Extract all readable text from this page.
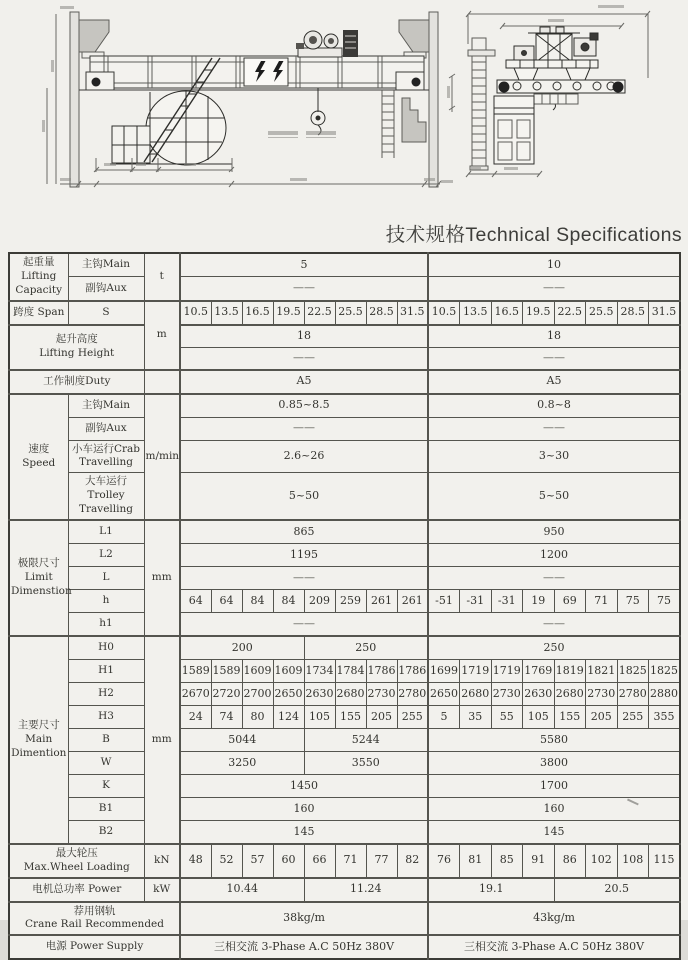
技术规格Technical Specifications
起重量
Lifting
Capacity	主钩Main	t	5								10							
	副钩Aux		——								——							
跨度 Span	S	m	10.5	13.5	16.5	19.5	22.5	25.5	28.5	31.5	10.5	13.5	16.5	19.5	22.5	25.5	28.5	31.5
起升高度
Lifting Height			18								18							
			——								——							
工作制度Duty			A5								A5							
速度
Speed	主钩Main	m/min	0.85~8.5								0.8~8							
	副钩Aux		——								——							
	小车运行Crab
Travelling		2.6~26								3~30							
	大车运行
Trolley
Travelling		5~50								5~50							
极限尺寸
Limit
Dimenstion	L1	mm	865								950							
	L2		1195								1200							
	L		——								——							
	h		64	64	84	84	209	259	261	261	-51	-31	-31	19	69	71	75	75
	h1		——								——							
主要尺寸
Main
Dimention	H0	mm	200				250				250							
	H1		1589	1589	1609	1609	1734	1784	1786	1786	1699	1719	1719	1769	1819	1821	1825	1825
	H2		2670	2720	2700	2650	2630	2680	2730	2780	2650	2680	2730	2630	2680	2730	2780	2880
	H3		24	74	80	124	105	155	205	255	5	35	55	105	155	205	255	355
	B		5044				5244				5580							
	W		3250				3550				3800							
	K		1450								1700							
	B1		160								160							
	B2		145								145							
最大轮压
Max.Wheel Loading		kN	48	52	57	60	66	71	77	82	76	81	85	91	86	102	108	115
电机总功率 Power		kW	10.44				11.24				19.1				20.5			
荐用钢轨
Crane Rail Recommended			38kg/m								43kg/m							
电源 Power Supply			三相交流 3-Phase A.C 50Hz 380V								三相交流 3-Phase A.C 50Hz 380V							
